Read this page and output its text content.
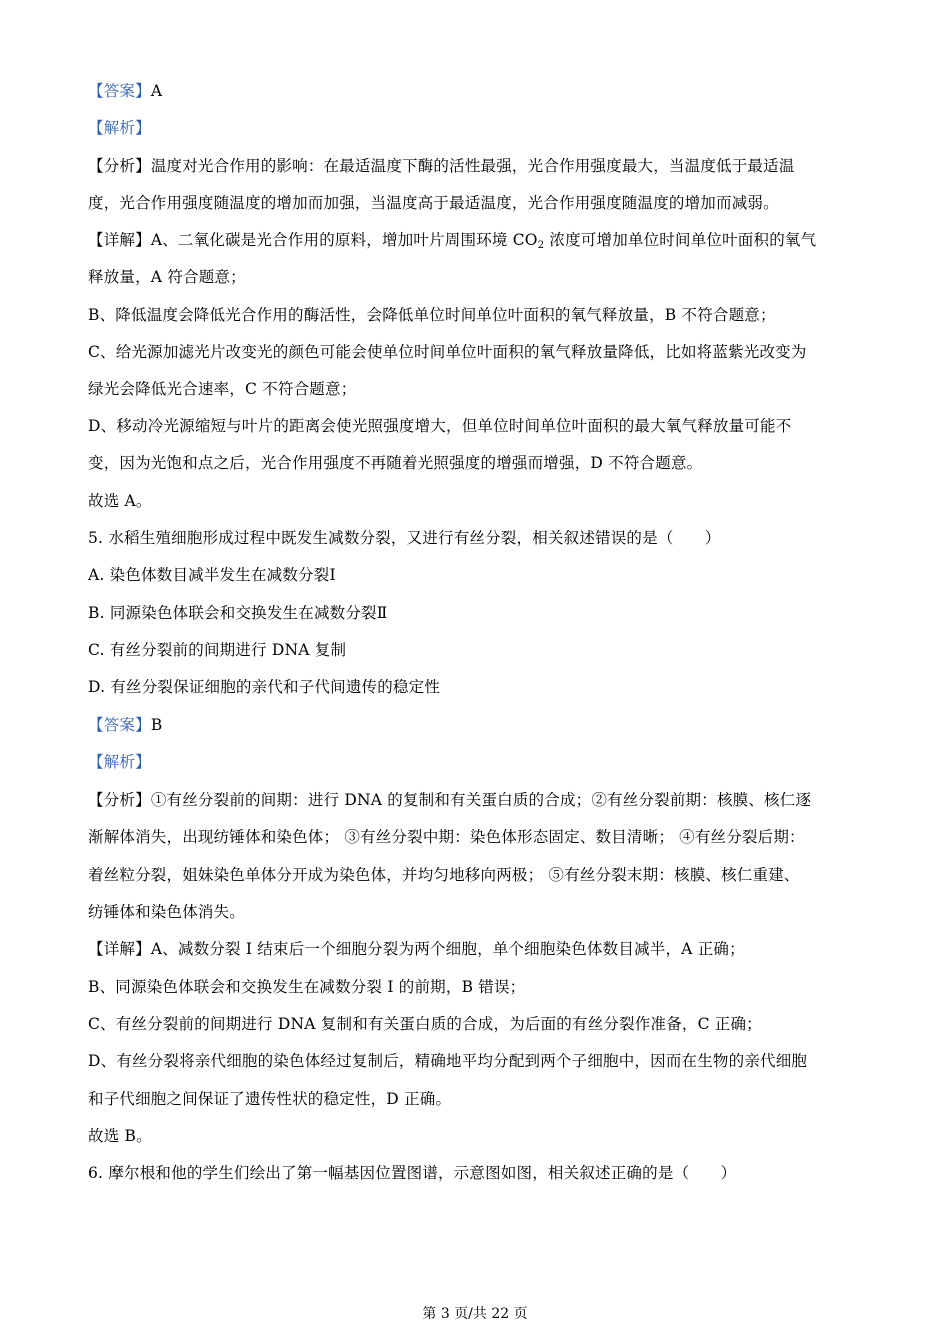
【答案】A
【解析】
【分析】温度对光合作用的影响：在最适温度下酶的活性最强，光合作用强度最大，当温度低于最适温
度，光合作用强度随温度的增加而加强，当温度高于最适温度，光合作用强度随温度的增加而减弱。
【详解】A、二氧化碳是光合作用的原料，增加叶片周围环境 $CO_2$ 浓度可增加单位时间单位叶面积的氧气
释放量，A 符合题意；
B、降低温度会降低光合作用的酶活性，会降低单位时间单位叶面积的氧气释放量，B 不符合题意；
C、给光源加滤光片改变光的颜色可能会使单位时间单位叶面积的氧气释放量降低，比如将蓝紫光改变为
绿光会降低光合速率，C 不符合题意；
D、移动冷光源缩短与叶片的距离会使光照强度增大，但单位时间单位叶面积的最大氧气释放量可能不
变，因为光饱和点之后，光合作用强度不再随着光照强度的增强而增强，D 不符合题意。
故选 A。
5. 水稻生殖细胞形成过程中既发生减数分裂，又进行有丝分裂，相关叙述错误的是（　　）
A. 染色体数目减半发生在减数分裂Ⅰ
B. 同源染色体联会和交换发生在减数分裂Ⅱ
C. 有丝分裂前的间期进行 DNA 复制
D. 有丝分裂保证细胞的亲代和子代间遗传的稳定性
【答案】B
【解析】
【分析】①有丝分裂前的间期：进行 DNA 的复制和有关蛋白质的合成；②有丝分裂前期：核膜、核仁逐
渐解体消失，出现纺锤体和染色体； ③有丝分裂中期：染色体形态固定、数目清晰； ④有丝分裂后期：
着丝粒分裂，姐妹染色单体分开成为染色体，并均匀地移向两极； ⑤有丝分裂末期：核膜、核仁重建、
纺锤体和染色体消失。
【详解】A、减数分裂 I 结束后一个细胞分裂为两个细胞，单个细胞染色体数目减半，A 正确；
B、同源染色体联会和交换发生在减数分裂 I 的前期，B 错误；
C、有丝分裂前的间期进行 DNA 复制和有关蛋白质的合成，为后面的有丝分裂作准备，C 正确；
D、有丝分裂将亲代细胞的染色体经过复制后，精确地平均分配到两个子细胞中，因而在生物的亲代细胞
和子代细胞之间保证了遗传性状的稳定性，D 正确。
故选 B。
6. 摩尔根和他的学生们绘出了第一幅基因位置图谱，示意图如图，相关叙述正确的是（　　）
第 3 页/共 22 页
